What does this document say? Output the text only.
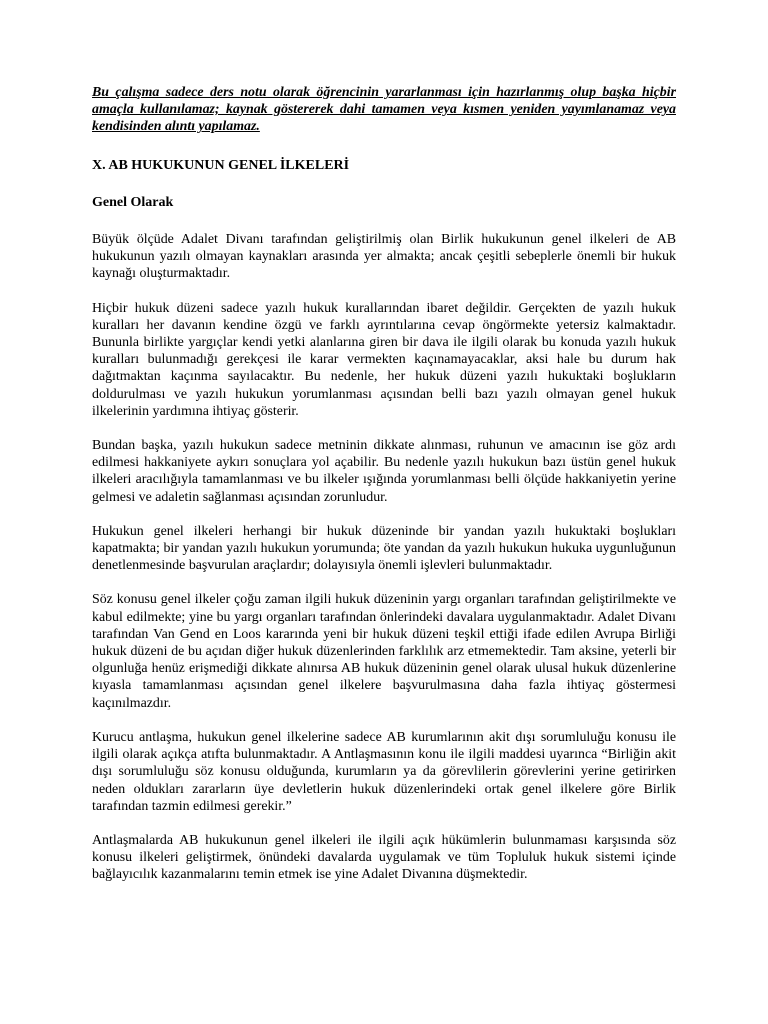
Bu çalışma sadece ders notu olarak öğrencinin yararlanması için hazırlanmış olup başka hiçbir amaçla kullanılamaz; kaynak göstererek dahi tamamen veya kısmen yeniden yayımlanamaz veya kendisinden alıntı yapılamaz.

X. AB HUKUKUNUN GENEL İLKELERİ
Genel Olarak

Büyük ölçüde Adalet Divanı tarafından geliştirilmiş olan Birlik hukukunun genel ilkeleri de AB hukukunun yazılı olmayan kaynakları arasında yer almakta; ancak çeşitli sebeplerle önemli bir hukuk kaynağı oluşturmaktadır.

Hiçbir hukuk düzeni sadece yazılı hukuk kurallarından ibaret değildir. Gerçekten de yazılı hukuk kuralları her davanın kendine özgü ve farklı ayrıntılarına cevap öngörmekte yetersiz kalmaktadır. Bununla birlikte yargıçlar kendi yetki alanlarına giren bir dava ile ilgili olarak bu konuda yazılı hukuk kuralları bulunmadığı gerekçesi ile karar vermekten kaçınamayacaklar, aksi hale bu durum hak dağıtmaktan kaçınma sayılacaktır. Bu nedenle, her hukuk düzeni yazılı hukuktaki boşlukların doldurulması ve yazılı hukukun yorumlanması açısından belli bazı yazılı olmayan genel hukuk ilkelerinin yardımına ihtiyaç gösterir.

Bundan başka, yazılı hukukun sadece metninin dikkate alınması, ruhunun ve amacının ise göz ardı edilmesi hakkaniyete aykırı sonuçlara yol açabilir. Bu nedenle yazılı hukukun bazı üstün genel hukuk ilkeleri aracılığıyla tamamlanması ve bu ilkeler ışığında yorumlanması belli ölçüde hakkaniyetin yerine gelmesi ve adaletin sağlanması açısından zorunludur.

Hukukun genel ilkeleri herhangi bir hukuk düzeninde bir yandan yazılı hukuktaki boşlukları kapatmakta; bir yandan yazılı hukukun yorumunda; öte yandan da yazılı hukukun hukuka uygunluğunun denetlenmesinde başvurulan araçlardır; dolayısıyla önemli işlevleri bulunmaktadır.

Söz konusu genel ilkeler çoğu zaman ilgili hukuk düzeninin yargı organları tarafından geliştirilmekte ve kabul edilmekte; yine bu yargı organları tarafından önlerindeki davalara uygulanmaktadır. Adalet Divanı tarafından Van Gend en Loos kararında yeni bir hukuk düzeni teşkil ettiği ifade edilen Avrupa Birliği hukuk düzeni de bu açıdan diğer hukuk düzenlerinden farklılık arz etmemektedir. Tam aksine, yeterli bir olgunluğa henüz erişmediği dikkate alınırsa AB hukuk düzeninin genel olarak ulusal hukuk düzenlerine kıyasla tamamlanması açısından genel ilkelere başvurulmasına daha fazla ihtiyaç göstermesi kaçınılmazdır.

Kurucu antlaşma, hukukun genel ilkelerine sadece AB kurumlarının akit dışı sorumluluğu konusu ile ilgili olarak açıkça atıfta bulunmaktadır. A Antlaşmasının konu ile ilgili maddesi uyarınca “Birliğin akit dışı sorumluluğu söz konusu olduğunda, kurumların ya da görevlilerin görevlerini yerine getirirken neden oldukları zararların üye devletlerin hukuk düzenlerindeki ortak genel ilkelere göre Birlik tarafından tazmin edilmesi gerekir.”

Antlaşmalarda AB hukukunun genel ilkeleri ile ilgili açık hükümlerin bulunmaması karşısında söz konusu ilkeleri geliştirmek, önündeki davalarda uygulamak ve tüm Topluluk hukuk sistemi içinde bağlayıcılık kazanmalarını temin etmek ise yine Adalet Divanına düşmektedir.
